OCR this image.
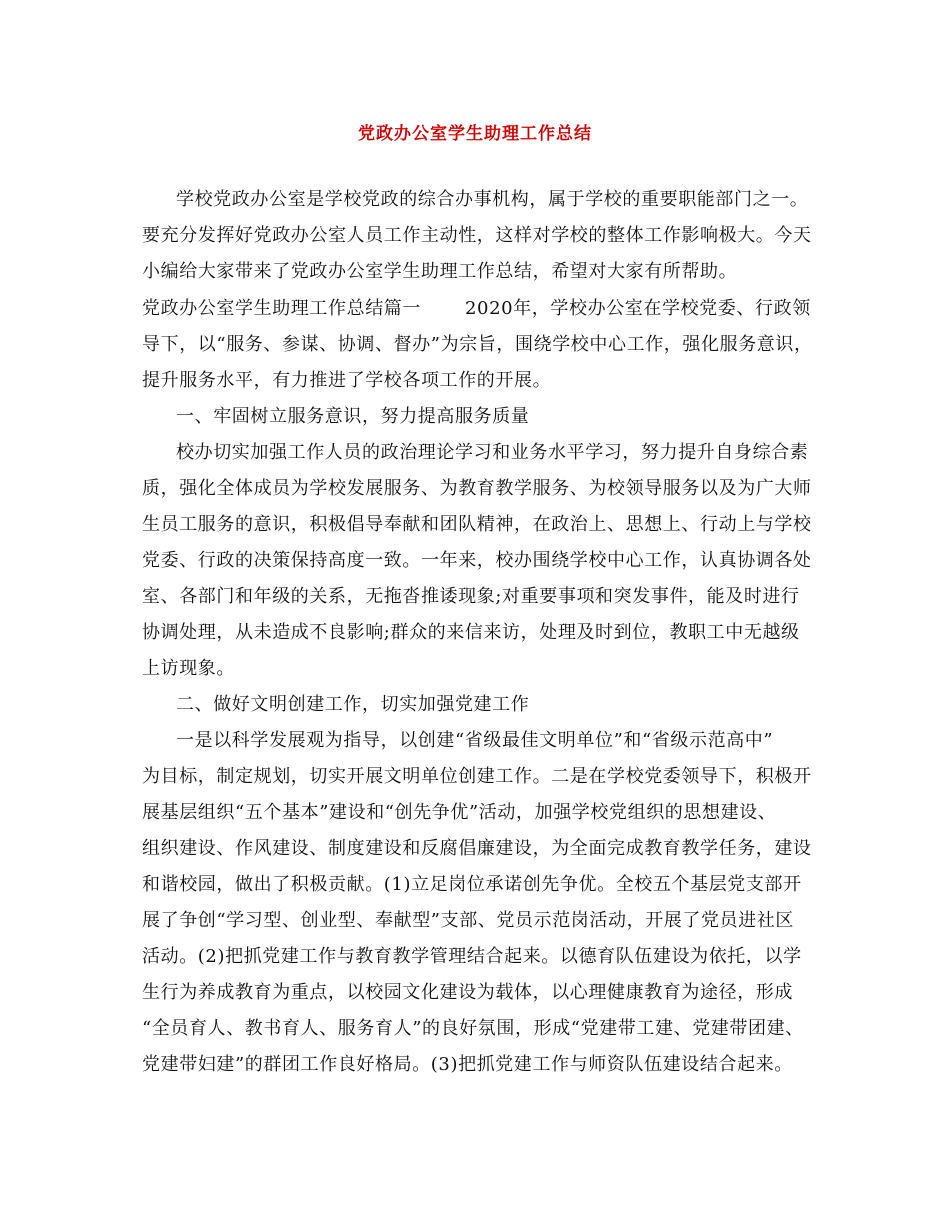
党政办公室学生助理工作总结
学校党政办公室是学校党政的综合办事机构，属于学校的重要职能部门之一。
要充分发挥好党政办公室人员工作主动性，这样对学校的整体工作影响极大。今天
小编给大家带来了党政办公室学生助理工作总结，希望对大家有所帮助。
党政办公室学生助理工作总结篇一 2020年，学校办公室在学校党委、行政领
导下，以“服务、参谋、协调、督办”为宗旨，围绕学校中心工作，强化服务意识，
提升服务水平，有力推进了学校各项工作的开展。
一、牢固树立服务意识，努力提高服务质量
校办切实加强工作人员的政治理论学习和业务水平学习，努力提升自身综合素
质，强化全体成员为学校发展服务、为教育教学服务、为校领导服务以及为广大师
生员工服务的意识，积极倡导奉献和团队精神，在政治上、思想上、行动上与学校
党委、行政的决策保持高度一致。一年来，校办围绕学校中心工作，认真协调各处
室、各部门和年级的关系，无拖沓推诿现象;对重要事项和突发事件，能及时进行
协调处理，从未造成不良影响;群众的来信来访，处理及时到位，教职工中无越级
上访现象。
二、做好文明创建工作，切实加强党建工作
一是以科学发展观为指导，以创建“省级最佳文明单位”和“省级示范高中”
为目标，制定规划，切实开展文明单位创建工作。二是在学校党委领导下，积极开
展基层组织“五个基本”建设和“创先争优”活动，加强学校党组织的思想建设、
组织建设、作风建设、制度建设和反腐倡廉建设，为全面完成教育教学任务，建设
和谐校园，做出了积极贡献。(1)立足岗位承诺创先争优。全校五个基层党支部开
展了争创“学习型、创业型、奉献型”支部、党员示范岗活动，开展了党员进社区
活动。(2)把抓党建工作与教育教学管理结合起来。以德育队伍建设为依托，以学
生行为养成教育为重点，以校园文化建设为载体，以心理健康教育为途径，形成
“全员育人、教书育人、服务育人”的良好氛围，形成“党建带工建、党建带团建、
党建带妇建”的群团工作良好格局。(3)把抓党建工作与师资队伍建设结合起来。
